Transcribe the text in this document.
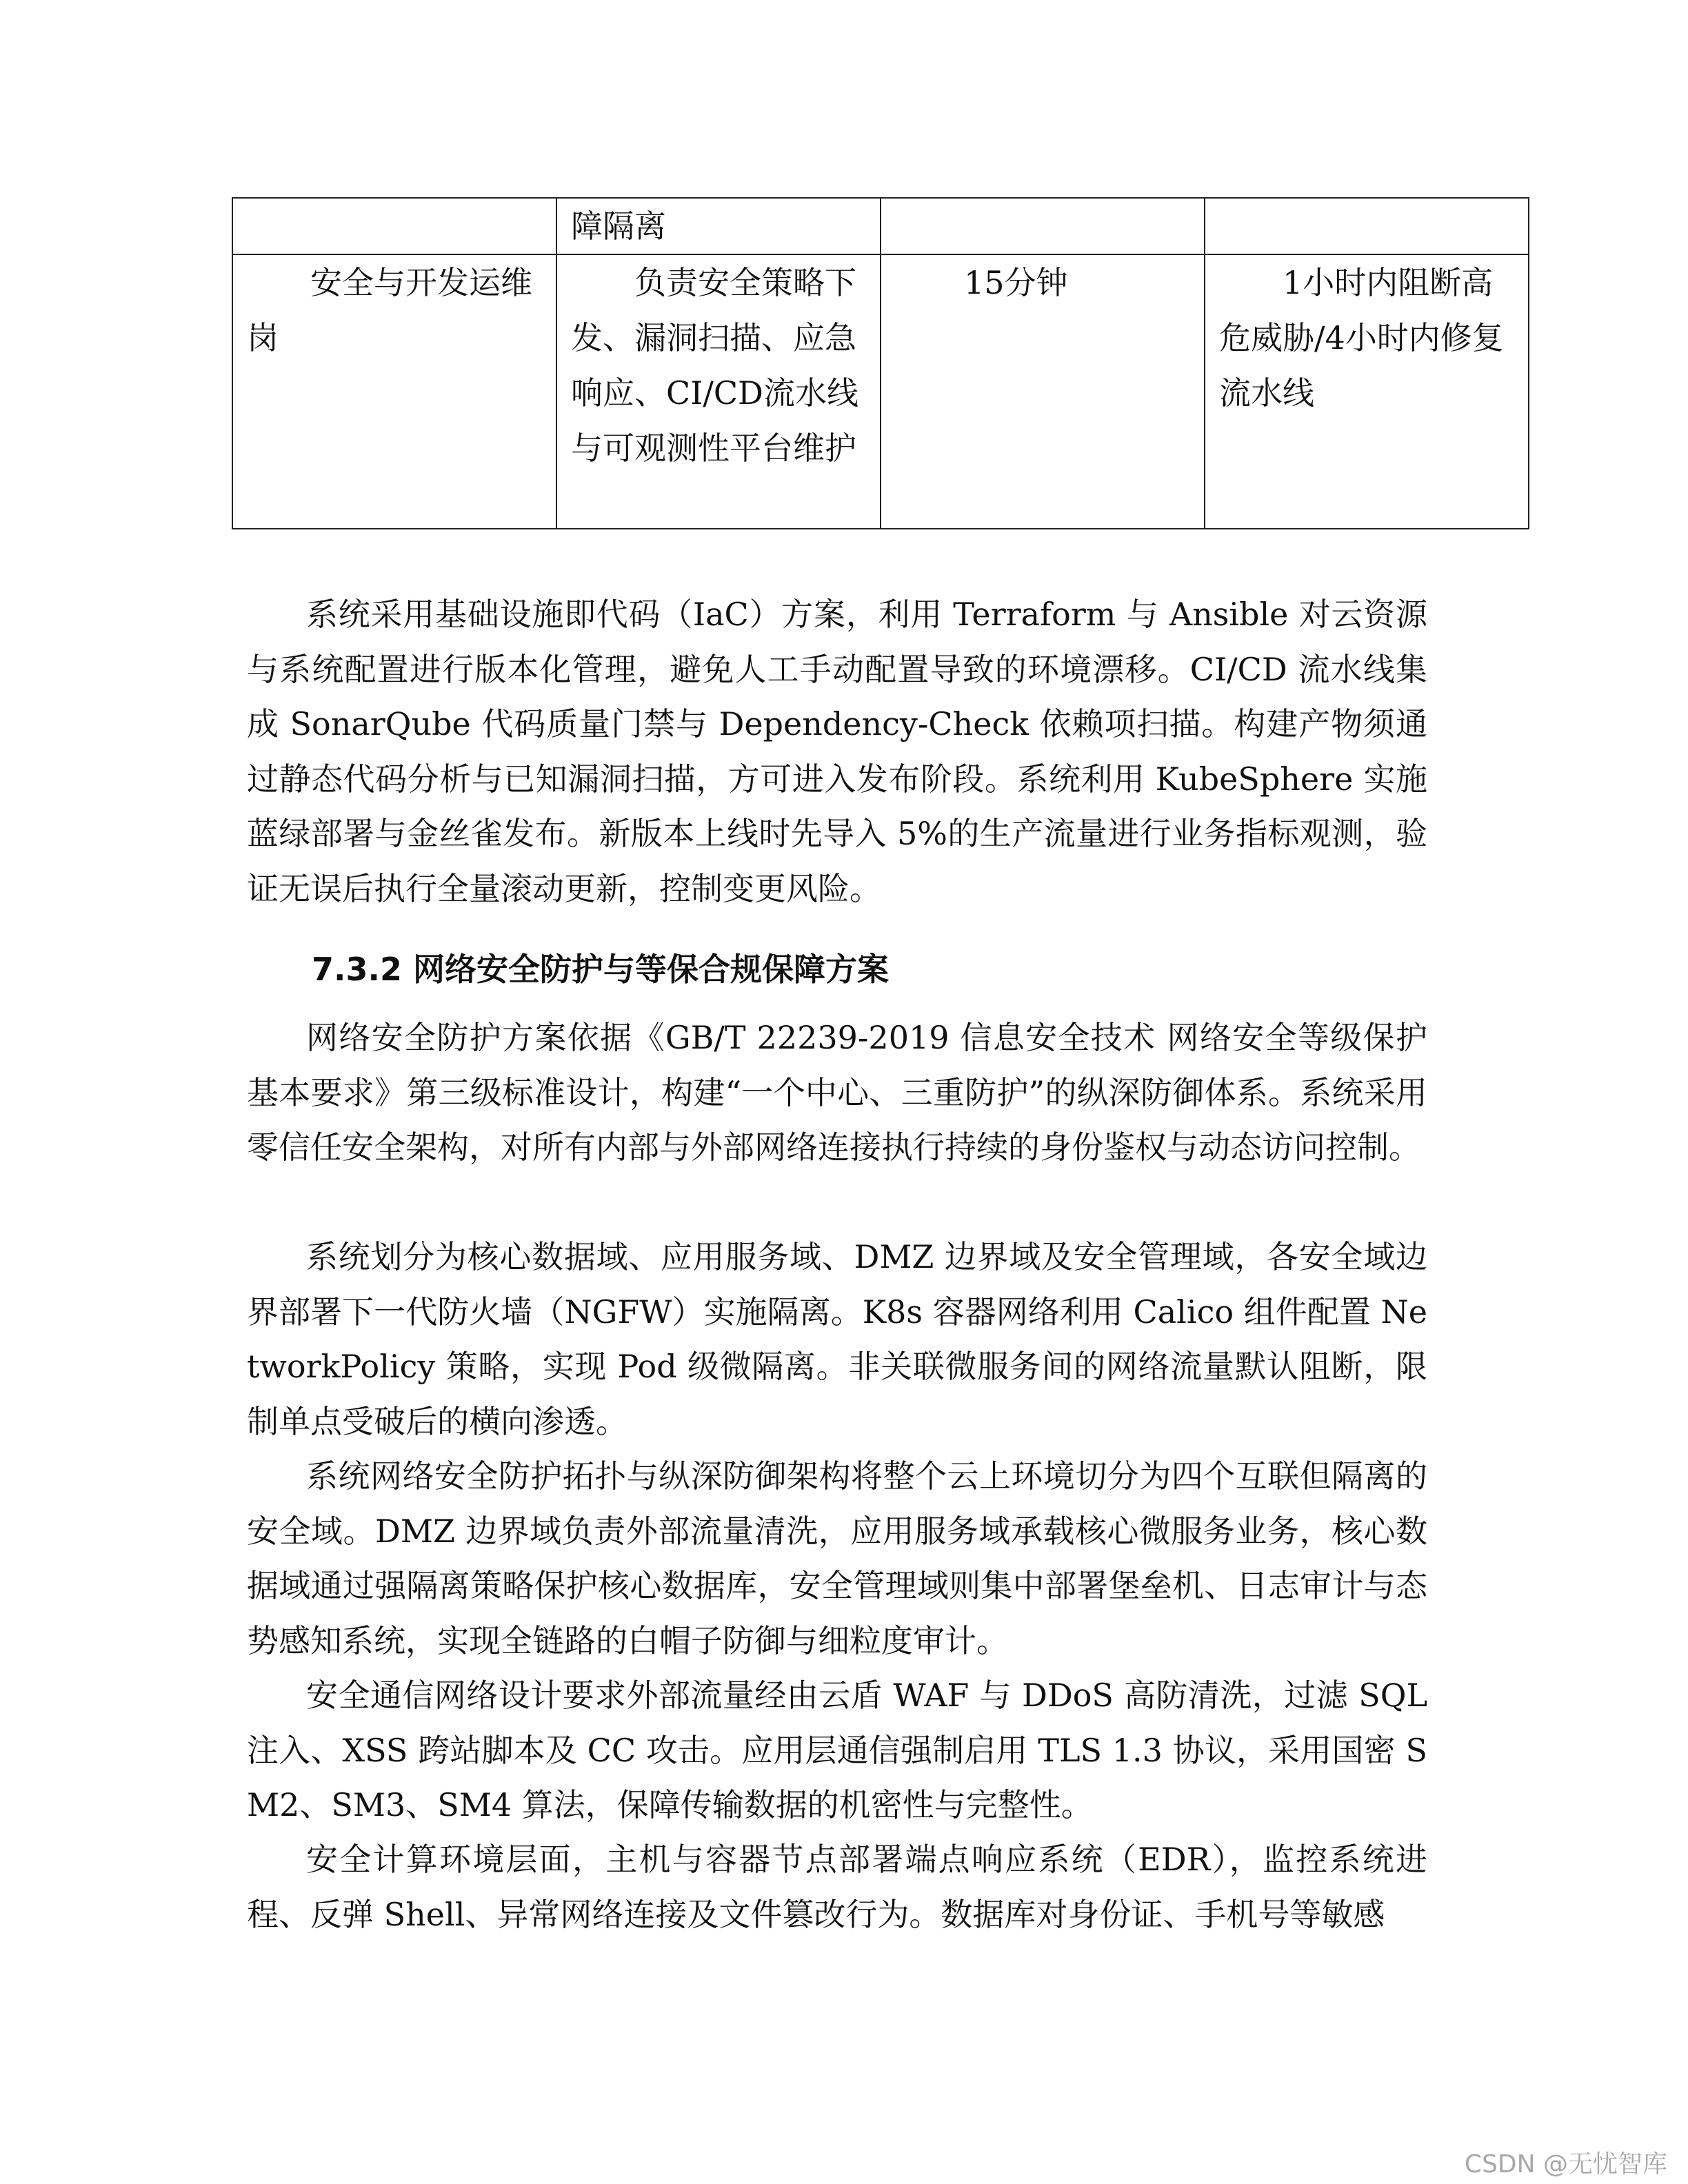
	障隔离		
安全与开发运维岗	负责安全策略下发、漏洞扫描、应急响应、CI/CD流水线与可观测性平台维护	15分钟	1小时内阻断高危威胁/4小时内修复流水线

系统采用基础设施即代码（IaC）方案，利用 Terraform 与 Ansible 对云资源与系统配置进行版本化管理，避免人工手动配置导致的环境漂移。CI/CD 流水线集成 SonarQube 代码质量门禁与 Dependency-Check 依赖项扫描。构建产物须通过静态代码分析与已知漏洞扫描，方可进入发布阶段。系统利用 KubeSphere 实施蓝绿部署与金丝雀发布。新版本上线时先导入 5%的生产流量进行业务指标观测，验证无误后执行全量滚动更新，控制变更风险。

7.3.2 网络安全防护与等保合规保障方案

网络安全防护方案依据《GB/T 22239-2019 信息安全技术 网络安全等级保护基本要求》第三级标准设计，构建“一个中心、三重防护”的纵深防御体系。系统采用零信任安全架构，对所有内部与外部网络连接执行持续的身份鉴权与动态访问控制。

系统划分为核心数据域、应用服务域、DMZ 边界域及安全管理域，各安全域边界部署下一代防火墙（NGFW）实施隔离。K8s 容器网络利用 Calico 组件配置 NetworkPolicy 策略，实现 Pod 级微隔离。非关联微服务间的网络流量默认阻断，限制单点受破后的横向渗透。

系统网络安全防护拓扑与纵深防御架构将整个云上环境切分为四个互联但隔离的安全域。DMZ 边界域负责外部流量清洗，应用服务域承载核心微服务业务，核心数据域通过强隔离策略保护核心数据库，安全管理域则集中部署堡垒机、日志审计与态势感知系统，实现全链路的白帽子防御与细粒度审计。

安全通信网络设计要求外部流量经由云盾 WAF 与 DDoS 高防清洗，过滤 SQL 注入、XSS 跨站脚本及 CC 攻击。应用层通信强制启用 TLS 1.3 协议，采用国密 SM2、SM3、SM4 算法，保障传输数据的机密性与完整性。

安全计算环境层面，主机与容器节点部署端点响应系统（EDR），监控系统进程、反弹 Shell、异常网络连接及文件篡改行为。数据库对身份证、手机号等敏感

CSDN @无忧智库
